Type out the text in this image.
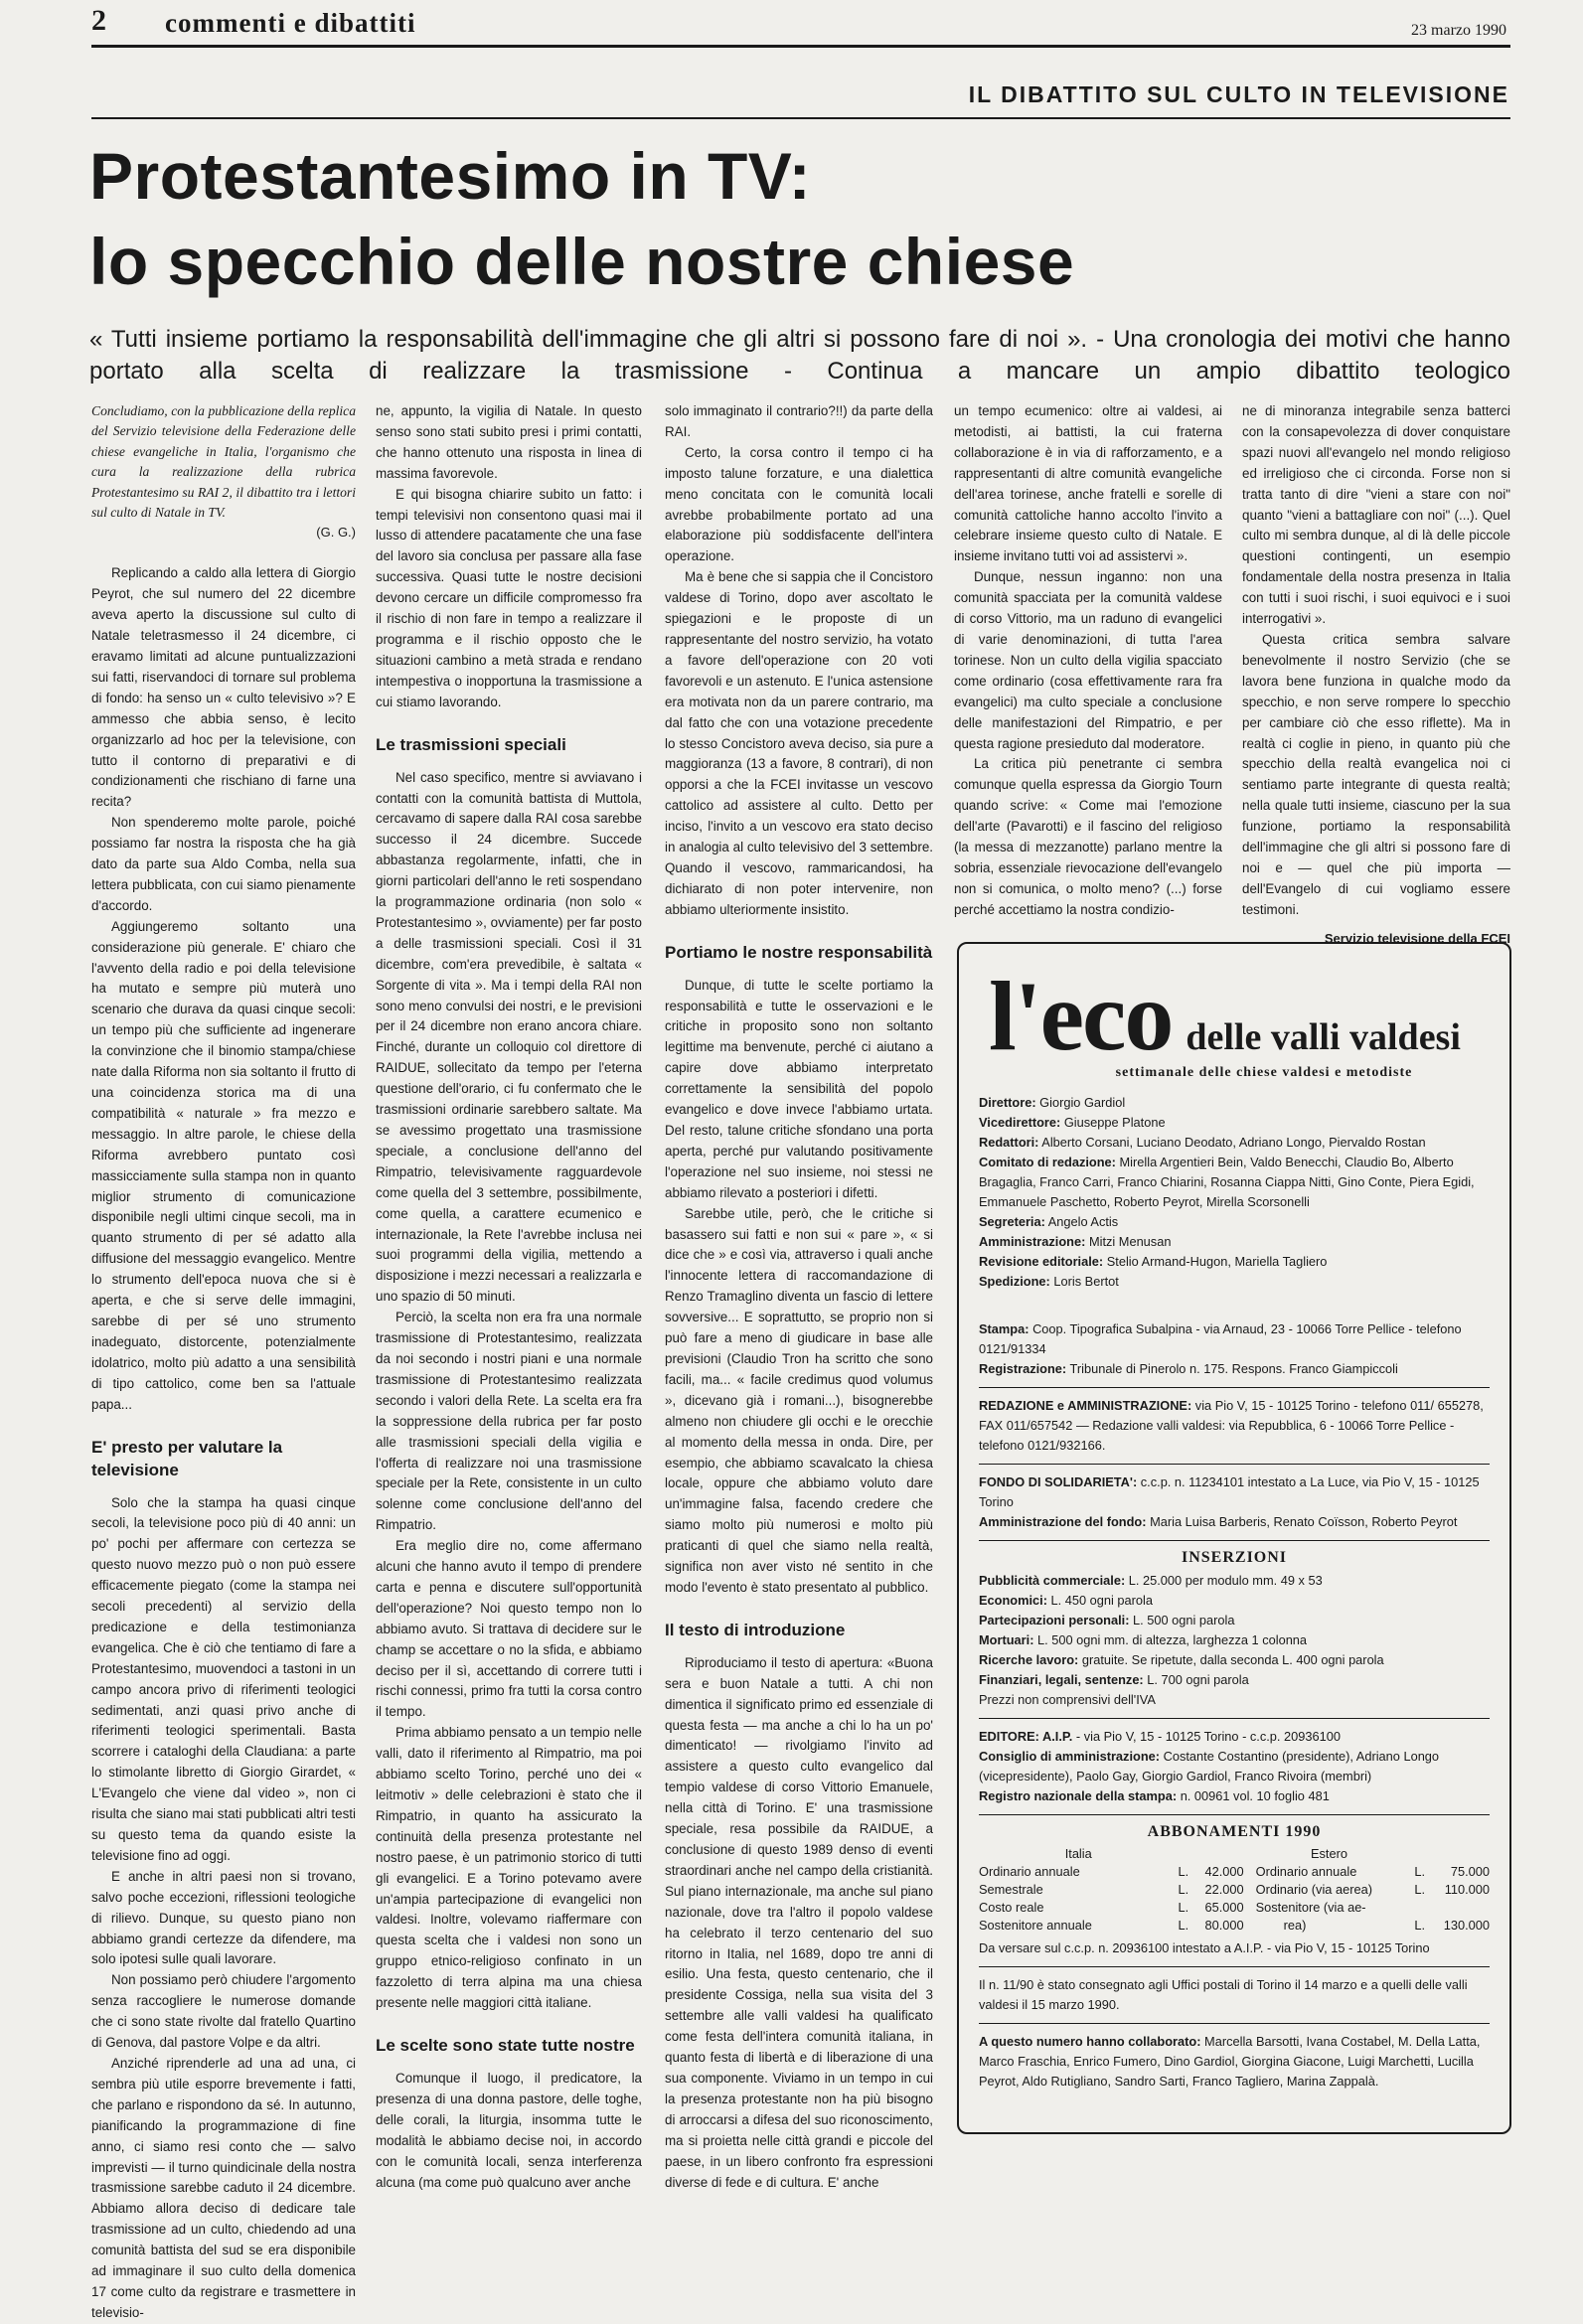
2 commenti e dibattiti	23 marzo 1990
IL DIBATTITO SUL CULTO IN TELEVISIONE
Protestantesimo in TV:
lo specchio delle nostre chiese
« Tutti insieme portiamo la responsabilità dell'immagine che gli altri si possono fare di noi ». - Una cronologia dei motivi che hanno portato alla scelta di realizzare la trasmissione - Continua a mancare un ampio dibattito teologico

Concludiamo, con la pubblicazione della replica del Servizio televisione della Federazione delle chiese evangeliche in Italia, l'organismo che cura la realizzazione della rubrica Protestantesimo su RAI 2, il dibattito tra i lettori sul culto di Natale in TV.

(G. G.)

Replicando a caldo alla lettera di Giorgio Peyrot, che sul numero del 22 dicembre aveva aperto la discussione sul culto di Natale teletrasmesso il 24 dicembre, ci eravamo limitati ad alcune puntualizzazioni sui fatti, riservandoci di tornare sul problema di fondo: ha senso un « culto televisivo »? E ammesso che abbia senso, è lecito organizzarlo ad hoc per la televisione, con tutto il contorno di preparativi e di condizionamenti che rischiano di farne una recita?

Non spenderemo molte parole, poiché possiamo far nostra la risposta che ha già dato da parte sua Aldo Comba, nella sua lettera pubblicata, con cui siamo pienamente d'accordo.

Aggiungeremo soltanto una considerazione più generale. E' chiaro che l'avvento della radio e poi della televisione ha mutato e sempre più muterà uno scenario che durava da quasi cinque secoli: un tempo più che sufficiente ad ingenerare la convinzione che il binomio stampa/chiese nate dalla Riforma non sia soltanto il frutto di una coincidenza storica ma di una compatibilità « naturale » fra mezzo e messaggio. In altre parole, le chiese della Riforma avrebbero puntato così massicciamente sulla stampa non in quanto miglior strumento di comunicazione disponibile negli ultimi cinque secoli, ma in quanto strumento di per sé adatto alla diffusione del messaggio evangelico. Mentre lo strumento dell'epoca nuova che si è aperta, e che si serve delle immagini, sarebbe di per sé uno strumento inadeguato, distorcente, potenzialmente idolatrico, molto più adatto a una sensibilità di tipo cattolico, come ben sa l'attuale papa...

E' presto per valutare la televisione

Solo che la stampa ha quasi cinque secoli, la televisione poco più di 40 anni: un po' pochi per affermare con certezza se questo nuovo mezzo può o non può essere efficacemente piegato (come la stampa nei secoli precedenti) al servizio della predicazione e della testimonianza evangelica. Che è ciò che tentiamo di fare a Protestantesimo, muovendoci a tastoni in un campo ancora privo di riferimenti teologici sedimentati, anzi quasi privo anche di riferimenti teologici sperimentali. Basta scorrere i cataloghi della Claudiana: a parte lo stimolante libretto di Giorgio Girardet, « L'Evangelo che viene dal video », non ci risulta che siano mai stati pubblicati altri testi su questo tema da quando esiste la televisione fino ad oggi.

E anche in altri paesi non si trovano, salvo poche eccezioni, riflessioni teologiche di rilievo. Dunque, su questo piano non abbiamo grandi certezze da difendere, ma solo ipotesi sulle quali lavorare.

Non possiamo però chiudere l'argomento senza raccogliere le numerose domande che ci sono state rivolte dal fratello Quartino di Genova, dal pastore Volpe e da altri.

Anziché riprenderle ad una ad una, ci sembra più utile esporre brevemente i fatti, che parlano e rispondono da sé. In autunno, pianificando la programmazione di fine anno, ci siamo resi conto che — salvo imprevisti — il turno quindicinale della nostra trasmissione sarebbe caduto il 24 dicembre. Abbiamo allora deciso di dedicare tale trasmissione ad un culto, chiedendo ad una comunità battista del sud se era disponibile ad immaginare il suo culto della domenica 17 come culto da registrare e trasmettere in televisio-

ne, appunto, la vigilia di Natale. In questo senso sono stati subito presi i primi contatti, che hanno ottenuto una risposta in linea di massima favorevole.

E qui bisogna chiarire subito un fatto: i tempi televisivi non consentono quasi mai il lusso di attendere pacatamente che una fase del lavoro sia conclusa per passare alla fase successiva. Quasi tutte le nostre decisioni devono cercare un difficile compromesso fra il rischio di non fare in tempo a realizzare il programma e il rischio opposto che le situazioni cambino a metà strada e rendano intempestiva o inopportuna la trasmissione a cui stiamo lavorando.

Le trasmissioni speciali

Nel caso specifico, mentre si avviavano i contatti con la comunità battista di Muttola, cercavamo di sapere dalla RAI cosa sarebbe successo il 24 dicembre. Succede abbastanza regolarmente, infatti, che in giorni particolari dell'anno le reti sospendano la programmazione ordinaria (non solo « Protestantesimo », ovviamente) per far posto a delle trasmissioni speciali. Così il 31 dicembre, com'era prevedibile, è saltata « Sorgente di vita ». Ma i tempi della RAI non sono meno convulsi dei nostri, e le previsioni per il 24 dicembre non erano ancora chiare. Finché, durante un colloquio col direttore di RAIDUE, sollecitato da tempo per l'eterna questione dell'orario, ci fu confermato che le trasmissioni ordinarie sarebbero saltate. Ma se avessimo progettato una trasmissione speciale, a conclusione dell'anno del Rimpatrio, televisivamente ragguardevole come quella del 3 settembre, possibilmente, come quella, a carattere ecumenico e internazionale, la Rete l'avrebbe inclusa nei suoi programmi della vigilia, mettendo a disposizione i mezzi necessari a realizzarla e uno spazio di 50 minuti.

Perciò, la scelta non era fra una normale trasmissione di Protestantesimo, realizzata da noi secondo i nostri piani e una normale trasmissione di Protestantesimo realizzata secondo i valori della Rete. La scelta era fra la soppressione della rubrica per far posto alle trasmissioni speciali della vigilia e l'offerta di realizzare noi una trasmissione speciale per la Rete, consistente in un culto solenne come conclusione dell'anno del Rimpatrio.

Era meglio dire no, come affermano alcuni che hanno avuto il tempo di prendere carta e penna e discutere sull'opportunità dell'operazione? Noi questo tempo non lo abbiamo avuto. Si trattava di decidere sur le champ se accettare o no la sfida, e abbiamo deciso per il sì, accettando di correre tutti i rischi connessi, primo fra tutti la corsa contro il tempo.

Prima abbiamo pensato a un tempio nelle valli, dato il riferimento al Rimpatrio, ma poi abbiamo scelto Torino, perché uno dei « leitmotiv » delle celebrazioni è stato che il Rimpatrio, in quanto ha assicurato la continuità della presenza protestante nel nostro paese, è un patrimonio storico di tutti gli evangelici. E a Torino potevamo avere un'ampia partecipazione di evangelici non valdesi. Inoltre, volevamo riaffermare con questa scelta che i valdesi non sono un gruppo etnico-religioso confinato in un fazzoletto di terra alpina ma una chiesa presente nelle maggiori città italiane.

Le scelte sono state tutte nostre

Comunque il luogo, il predicatore, la presenza di una donna pastore, delle toghe, delle corali, la liturgia, insomma tutte le modalità le abbiamo decise noi, in accordo con le comunità locali, senza interferenza alcuna (ma come può qualcuno aver anche

solo immaginato il contrario?!!) da parte della RAI.

Certo, la corsa contro il tempo ci ha imposto talune forzature, e una dialettica meno concitata con le comunità locali avrebbe probabilmente portato ad una elaborazione più soddisfacente dell'intera operazione.

Ma è bene che si sappia che il Concistoro valdese di Torino, dopo aver ascoltato le spiegazioni e le proposte di un rappresentante del nostro servizio, ha votato a favore dell'operazione con 20 voti favorevoli e un astenuto. E l'unica astensione era motivata non da un parere contrario, ma dal fatto che con una votazione precedente lo stesso Concistoro aveva deciso, sia pure a maggioranza (13 a favore, 8 contrari), di non opporsi a che la FCEI invitasse un vescovo cattolico ad assistere al culto. Detto per inciso, l'invito a un vescovo era stato deciso in analogia al culto televisivo del 3 settembre. Quando il vescovo, rammaricandosi, ha dichiarato di non poter intervenire, non abbiamo ulteriormente insistito.

Portiamo le nostre responsabilità

Dunque, di tutte le scelte portiamo la responsabilità e tutte le osservazioni e le critiche in proposito sono non soltanto legittime ma benvenute, perché ci aiutano a capire dove abbiamo interpretato correttamente la sensibilità del popolo evangelico e dove invece l'abbiamo urtata. Del resto, talune critiche sfondano una porta aperta, perché pur valutando positivamente l'operazione nel suo insieme, noi stessi ne abbiamo rilevato a posteriori i difetti.

Sarebbe utile, però, che le critiche si basassero sui fatti e non sui « pare », « si dice che » e così via, attraverso i quali anche l'innocente lettera di raccomandazione di Renzo Tramaglino diventa un fascio di lettere sovversive... E soprattutto, se proprio non si può fare a meno di giudicare in base alle previsioni (Claudio Tron ha scritto che sono facili, ma... « facile credimus quod volumus », dicevano già i romani...), bisognerebbe almeno non chiudere gli occhi e le orecchie al momento della messa in onda. Dire, per esempio, che abbiamo scavalcato la chiesa locale, oppure che abbiamo voluto dare un'immagine falsa, facendo credere che siamo molto più numerosi e molto più praticanti di quel che siamo nella realtà, significa non aver visto né sentito in che modo l'evento è stato presentato al pubblico.

Il testo di introduzione

Riproduciamo il testo di apertura: «Buona sera e buon Natale a tutti. A chi non dimentica il significato primo ed essenziale di questa festa — ma anche a chi lo ha un po' dimenticato! — rivolgiamo l'invito ad assistere a questo culto evangelico dal tempio valdese di corso Vittorio Emanuele, nella città di Torino. E' una trasmissione speciale, resa possibile da RAIDUE, a conclusione di questo 1989 denso di eventi straordinari anche nel campo della cristianità. Sul piano internazionale, ma anche sul piano nazionale, dove tra l'altro il popolo valdese ha celebrato il terzo centenario del suo ritorno in Italia, nel 1689, dopo tre anni di esilio. Una festa, questo centenario, che il presidente Cossiga, nella sua visita del 3 settembre alle valli valdesi ha qualificato come festa dell'intera comunità italiana, in quanto festa di libertà e di liberazione di una sua componente. Viviamo in un tempo in cui la presenza protestante non ha più bisogno di arroccarsi a difesa del suo riconoscimento, ma si proietta nelle città grandi e piccole del paese, in un libero confronto fra espressioni diverse di fede e di cultura. E' anche

un tempo ecumenico: oltre ai valdesi, ai metodisti, ai battisti, la cui fraterna collaborazione è in via di rafforzamento, e a rappresentanti di altre comunità evangeliche dell'area torinese, anche fratelli e sorelle di comunità cattoliche hanno accolto l'invito a celebrare insieme questo culto di Natale. E insieme invitano tutti voi ad assistervi ».

Dunque, nessun inganno: non una comunità spacciata per la comunità valdese di corso Vittorio, ma un raduno di evangelici di varie denominazioni, di tutta l'area torinese. Non un culto della vigilia spacciato come ordinario (cosa effettivamente rara fra evangelici) ma culto speciale a conclusione delle manifestazioni del Rimpatrio, e per questa ragione presieduto dal moderatore.

La critica più penetrante ci sembra comunque quella espressa da Giorgio Tourn quando scrive: « Come mai l'emozione dell'arte (Pavarotti) e il fascino del religioso (la messa di mezzanotte) parlano mentre la sobria, essenziale rievocazione dell'evangelo non si comunica, o molto meno? (...) forse perché accettiamo la nostra condizio-

ne di minoranza integrabile senza batterci con la consapevolezza di dover conquistare spazi nuovi all'evangelo nel mondo religioso ed irreligioso che ci circonda. Forse non si tratta tanto di dire "vieni a stare con noi" quanto "vieni a battagliare con noi" (...). Quel culto mi sembra dunque, al di là delle piccole questioni contingenti, un esempio fondamentale della nostra presenza in Italia con tutti i suoi rischi, i suoi equivoci e i suoi interrogativi ».

Questa critica sembra salvare benevolmente il nostro Servizio (che se lavora bene funziona in qualche modo da specchio, e non serve rompere lo specchio per cambiare ciò che esso riflette). Ma in realtà ci coglie in pieno, in quanto più che specchio della realtà evangelica noi ci sentiamo parte integrante di questa realtà; nella quale tutti insieme, ciascuno per la sua funzione, portiamo la responsabilità dell'immagine che gli altri si possono fare di noi e — quel che più importa — dell'Evangelo di cui vogliamo essere testimoni.

Servizio televisione della FCEI
l'eco delle valli valdesi
settimanale delle chiese valdesi e metodiste
Direttore: Giorgio Gardiol
Vicedirettore: Giuseppe Platone
Redattori: Alberto Corsani, Luciano Deodato, Adriano Longo, Piervaldo Rostan
Comitato di redazione: Mirella Argentieri Bein, Valdo Benecchi, Claudio Bo, Alberto Bragaglia, Franco Carri, Franco Chiarini, Rosanna Ciappa Nitti, Gino Conte, Piera Egidi, Emmanuele Paschetto, Roberto Peyrot, Mirella Scorsonelli
Segreteria: Angelo Actis
Amministrazione: Mitzi Menusan
Revisione editoriale: Stelio Armand-Hugon, Mariella Tagliero
Spedizione: Loris Bertot
Stampa: Coop. Tipografica Subalpina - via Arnaud, 23 - 10066 Torre Pellice - telefono 0121/91334
Registrazione: Tribunale di Pinerolo n. 175. Respons. Franco Giampiccoli
REDAZIONE e AMMINISTRAZIONE: via Pio V, 15 - 10125 Torino - telefono 011/ 655278, FAX 011/657542 — Redazione valli valdesi: via Repubblica, 6 - 10066 Torre Pellice - telefono 0121/932166.
FONDO DI SOLIDARIETA': c.c.p. n. 11234101 intestato a La Luce, via Pio V, 15 - 10125 Torino
Amministrazione del fondo: Maria Luisa Barberis, Renato Coïsson, Roberto Peyrot
INSERZIONI
Pubblicità commerciale: L. 25.000 per modulo mm. 49 x 53
Economici: L. 450 ogni parola
Partecipazioni personali: L. 500 ogni parola
Mortuari: L. 500 ogni mm. di altezza, larghezza 1 colonna
Ricerche lavoro: gratuite. Se ripetute, dalla seconda L. 400 ogni parola
Finanziari, legali, sentenze: L. 700 ogni parola
Prezzi non comprensivi dell'IVA
EDITORE: A.I.P. - via Pio V, 15 - 10125 Torino - c.c.p. 20936100
Consiglio di amministrazione: Costante Costantino (presidente), Adriano Longo (vicepresidente), Paolo Gay, Giorgio Gardiol, Franco Rivoira (membri)
Registro nazionale della stampa: n. 00961 vol. 10 foglio 481
ABBONAMENTI 1990
Italia			Estero		
Ordinario annuale	L.	42.000	Ordinario annuale	L.	75.000
Semestrale	L.	22.000	Ordinario (via aerea)	L.	110.000
Costo reale	L.	65.000	Sostenitore (via ae-		
Sostenitore annuale	L.	80.000	rea)	L.	130.000
Da versare sul c.c.p. n. 20936100 intestato a A.I.P. - via Pio V, 15 - 10125 Torino
Il n. 11/90 è stato consegnato agli Uffici postali di Torino il 14 marzo e a quelli delle valli valdesi il 15 marzo 1990.
A questo numero hanno collaborato: Marcella Barsotti, Ivana Costabel, M. Della Latta, Marco Fraschia, Enrico Fumero, Dino Gardiol, Giorgina Giacone, Luigi Marchetti, Lucilla Peyrot, Aldo Rutigliano, Sandro Sarti, Franco Tagliero, Marina Zappalà.
